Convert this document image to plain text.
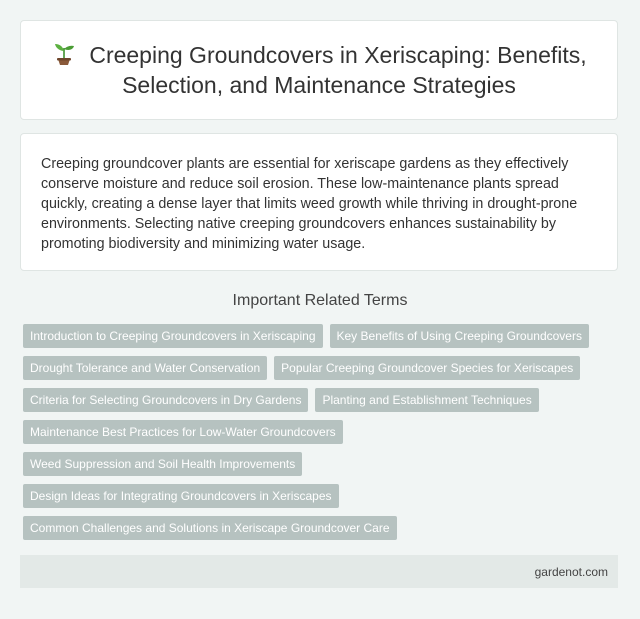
Creeping Groundcovers in Xeriscaping: Benefits, Selection, and Maintenance Strategies

Creeping groundcover plants are essential for xeriscape gardens as they effectively conserve moisture and reduce soil erosion. These low-maintenance plants spread quickly, creating a dense layer that limits weed growth while thriving in drought-prone environments. Selecting native creeping groundcovers enhances sustainability by promoting biodiversity and minimizing water usage.

Important Related Terms
Introduction to Creeping Groundcovers in Xeriscaping	Key Benefits of Using Creeping Groundcovers
Drought Tolerance and Water Conservation	Popular Creeping Groundcover Species for Xeriscapes
Criteria for Selecting Groundcovers in Dry Gardens	Planting and Establishment Techniques
Maintenance Best Practices for Low-Water Groundcovers
Weed Suppression and Soil Health Improvements
Design Ideas for Integrating Groundcovers in Xeriscapes
Common Challenges and Solutions in Xeriscape Groundcover Care
gardenot.com
